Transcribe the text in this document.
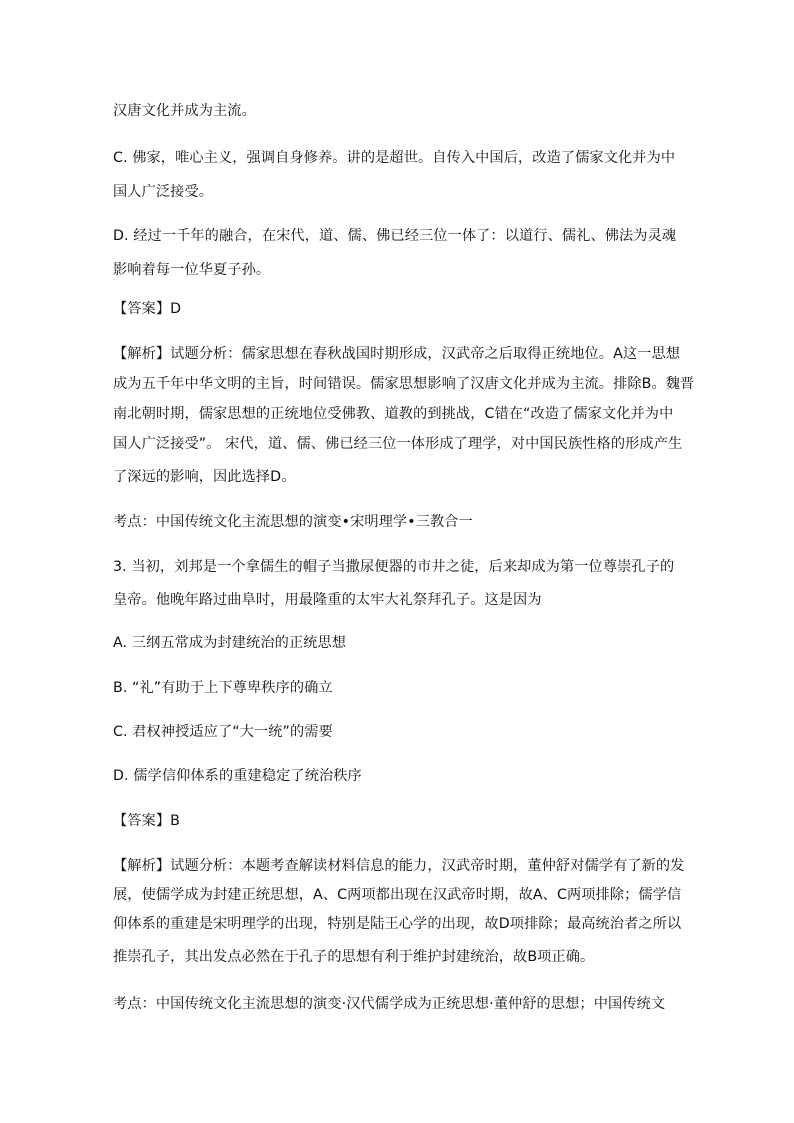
汉唐文化并成为主流。
C. 佛家，唯心主义，强调自身修养。讲的是超世。自传入中国后，改造了儒家文化并为中
国人广泛接受。
D. 经过一千年的融合，在宋代，道、儒、佛已经三位一体了：以道行、儒礼、佛法为灵魂
影响着每一位华夏子孙。
【答案】D
【解析】试题分析：儒家思想在春秋战国时期形成，汉武帝之后取得正统地位。A这一思想
成为五千年中华文明的主旨，时间错误。儒家思想影响了汉唐文化并成为主流。排除B。魏晋
南北朝时期，儒家思想的正统地位受佛教、道教的到挑战，C错在“改造了儒家文化并为中
国人广泛接受”。 宋代，道、儒、佛已经三位一体形成了理学，对中国民族性格的形成产生
了深远的影响，因此选择D。
考点：中国传统文化主流思想的演变•宋明理学•三教合一
3. 当初，刘邦是一个拿儒生的帽子当撒尿便器的市井之徒，后来却成为第一位尊崇孔子的
皇帝。他晚年路过曲阜时，用最隆重的太牢大礼祭拜孔子。这是因为
A. 三纲五常成为封建统治的正统思想
B. “礼”有助于上下尊卑秩序的确立
C. 君权神授适应了“大一统”的需要
D. 儒学信仰体系的重建稳定了统治秩序
【答案】B
【解析】试题分析：本题考查解读材料信息的能力，汉武帝时期，董仲舒对儒学有了新的发
展，使儒学成为封建正统思想，A、C两项都出现在汉武帝时期，故A、C两项排除；儒学信
仰体系的重建是宋明理学的出现，特别是陆王心学的出现，故D项排除；最高统治者之所以
推崇孔子，其出发点必然在于孔子的思想有利于维护封建统治，故B项正确。
考点：中国传统文化主流思想的演变·汉代儒学成为正统思想·董仲舒的思想；中国传统文
